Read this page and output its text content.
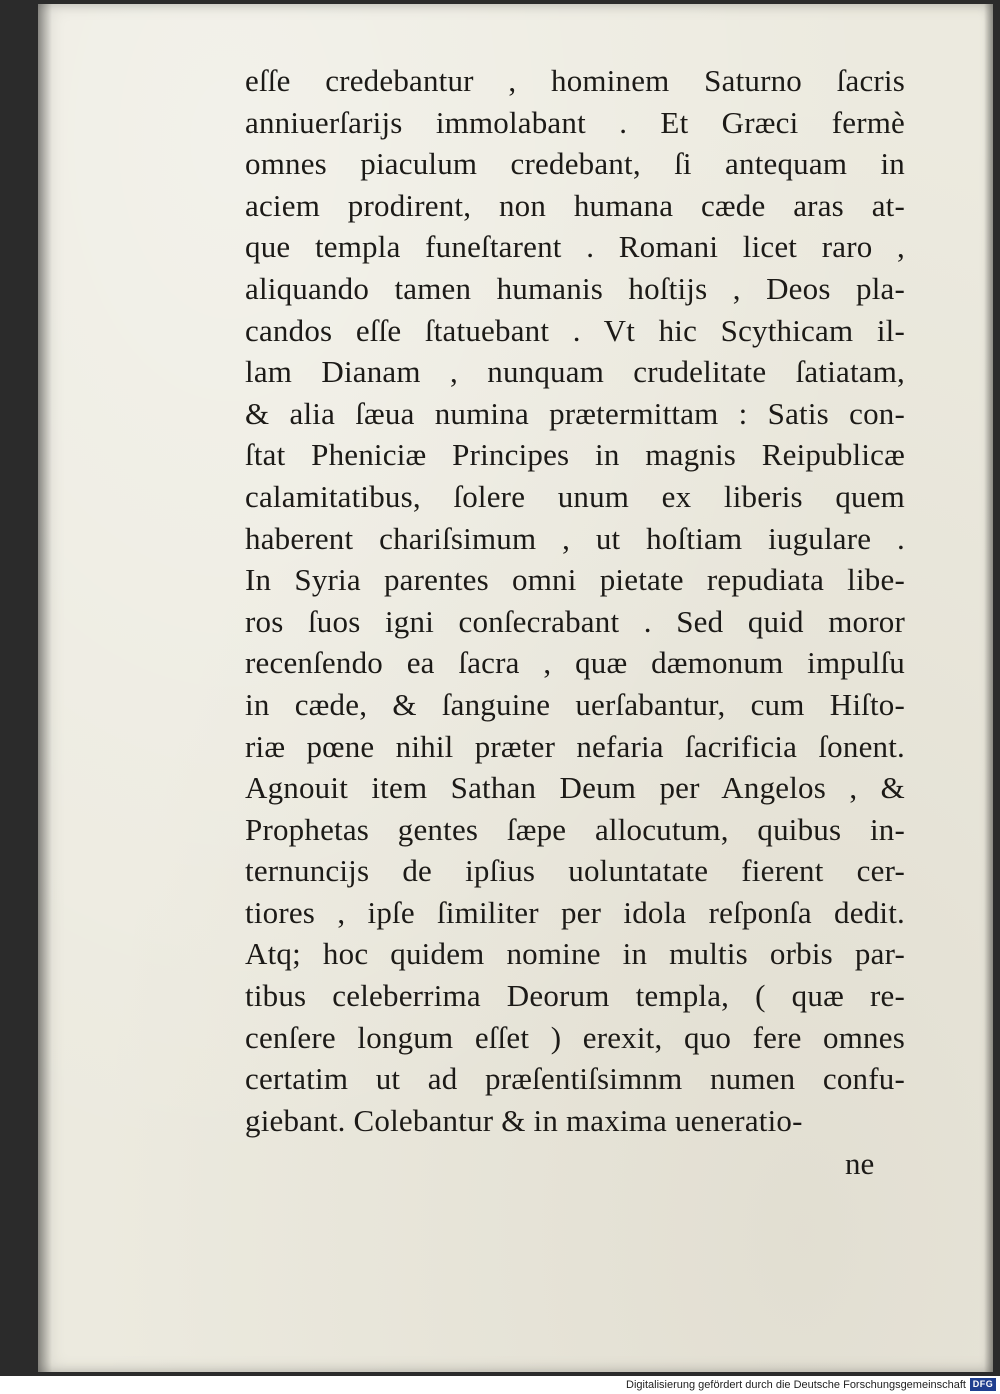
eſſe credebantur , hominem Saturno ſacris
anniuerſarijs immolabant . Et Græci fermè
omnes piaculum credebant, ſi antequam in
aciem prodirent, non humana cæde aras at-
que templa funeſtarent . Romani licet raro ,
aliquando tamen humanis hoſtijs , Deos pla-
candos eſſe ſtatuebant . Vt hic Scythicam il-
lam Dianam , nunquam crudelitate ſatiatam,
& alia ſæua numina prætermittam : Satis con-
ſtat Pheniciæ Principes in magnis Reipublicæ
calamitatibus, ſolere unum ex liberis quem
haberent chariſsimum , ut hoſtiam iugulare .
In Syria parentes omni pietate repudiata libe-
ros ſuos igni conſecrabant . Sed quid moror
recenſendo ea ſacra , quæ dæmonum impulſu
in cæde, & ſanguine uerſabantur, cum Hiſto-
riæ pœne nihil præter nefaria ſacrificia ſonent.
Agnouit item Sathan Deum per Angelos , &
Prophetas gentes ſæpe allocutum, quibus in-
ternuncijs de ipſius uoluntatate fierent cer-
tiores , ipſe ſimiliter per idola reſponſa dedit.
Atq; hoc quidem nomine in multis orbis par-
tibus celeberrima Deorum templa, ( quæ re-
cenſere longum eſſet ) erexit, quo fere omnes
certatim ut ad præſentiſsimnm numen confu-
giebant. Colebantur & in maxima ueneratio-
ne
Digitalisierung gefördert durch die Deutsche Forschungsgemeinschaft DFG
